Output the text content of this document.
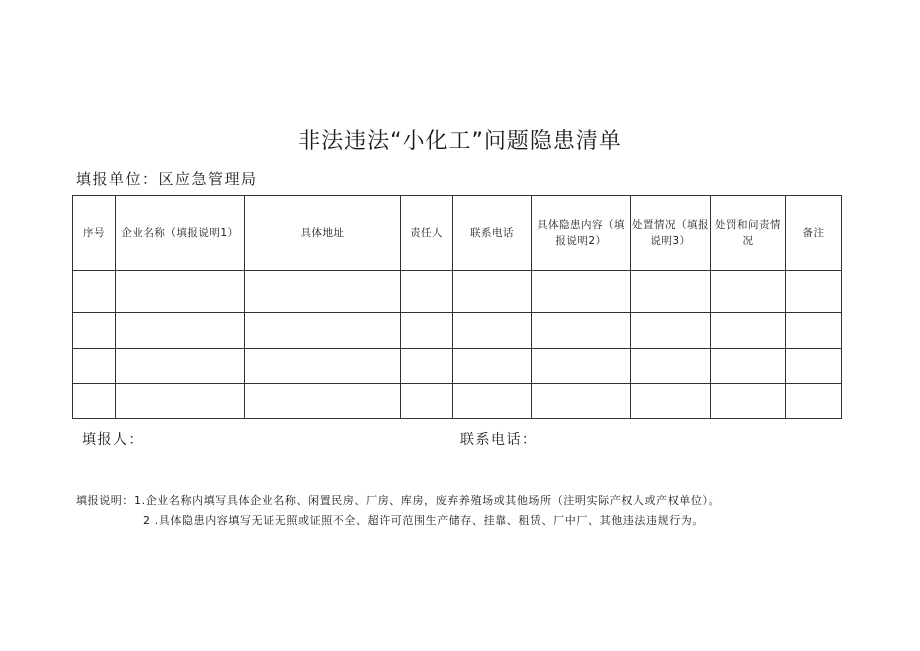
非法违法“小化工”问题隐患清单
填报单位：区应急管理局
序号	企业名称（填报说明1）	具体地址	责任人	联系电话	具体隐患内容（填报说明2）	处置情况（填报说明3）	处罚和问责情况	备注

填报人：	联系电话：
填报说明：1.企业名称内填写具体企业名称、闲置民房、厂房、库房，废弃养殖场或其他场所（注明实际产权人或产权单位）。
2 .具体隐患内容填写无证无照或证照不全、超许可范围生产储存、挂靠、租赁、厂中厂、其他违法违规行为。
